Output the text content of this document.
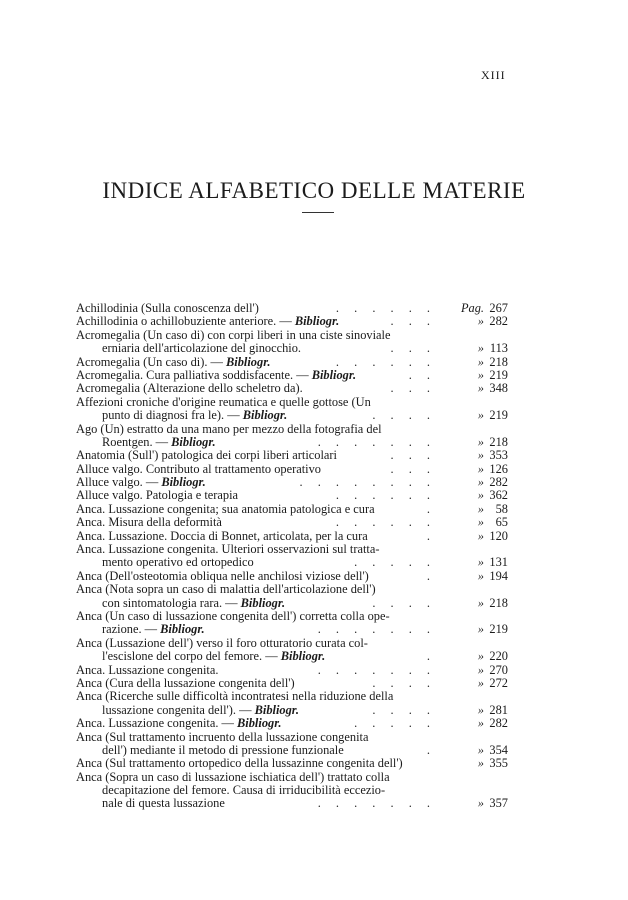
XIII
INDICE ALFABETICO DELLE MATERIE
Achillodinia (Sulla conoscenza dell')	. . . . . .	Pag. 267
Achillodinia o achillobuziente anteriore. — Bibliogr.	. . .	» 282
Acromegalia (Un caso di) con corpi liberi in una ciste sinoviale
erniaria dell'articolazione del ginocchio.	. . .	» 113
Acromegalia (Un caso di). — Bibliogr.	. . . . . .	» 218
Acromegalia. Cura palliativa soddisfacente. — Bibliogr.	. .	» 219
Acromegalia (Alterazione dello scheletro da).	. . .	» 348
Affezioni croniche d'origine reumatica e quelle gottose (Un
punto di diagnosi fra le). — Bibliogr.	. . . .	» 219
Ago (Un) estratto da una mano per mezzo della fotografia del
Roentgen. — Bibliogr.	. . . . . . .	» 218
Anatomia (Sull') patologica dei corpi liberi articolari	. . .	» 353
Alluce valgo. Contributo al trattamento operativo	. . .	» 126
Alluce valgo. — Bibliogr.	. . . . . . . .	» 282
Alluce valgo. Patologia e terapia	. . . . . .	» 362
Anca. Lussazione congenita; sua anatomia patologica e cura	.	» 58
Anca. Misura della deformità	. . . . . .	» 65
Anca. Lussazione. Doccia di Bonnet, articolata, per la cura	.	» 120
Anca. Lussazione congenita. Ulteriori osservazioni sul tratta-
mento operativo ed ortopedico	. . . . .	» 131
Anca (Dell'osteotomia obliqua nelle anchilosi viziose dell')	.	» 194
Anca (Nota sopra un caso di malattia dell'articolazione dell')
con sintomatologia rara. — Bibliogr.	. . . .	» 218
Anca (Un caso di lussazione congenita dell') corretta colla ope-
razione. — Bibliogr.	. . . . . . .	» 219
Anca (Lussazione dell') verso il foro otturatorio curata col-
l'escislone del corpo del femore. — Bibliogr.	.	» 220
Anca. Lussazione congenita.	. . . . . . .	» 270
Anca (Cura della lussazione congenita dell')	. . . .	» 272
Anca (Ricerche sulle difficoltà incontratesi nella riduzione della
lussazione congenita dell'). — Bibliogr.	. . . .	» 281
Anca. Lussazione congenita. — Bibliogr.	. . . . .	» 282
Anca (Sul trattamento incruento della lussazione congenita
dell') mediante il metodo di pressione funzionale	.	» 354
Anca (Sul trattamento ortopedico della lussazinne congenita dell')	» 355
Anca (Sopra un caso di lussazione ischiatica dell') trattato colla
decapitazione del femore. Causa di irriducibilità eccezio-
nale di questa lussazione	. . . . . . .	» 357
